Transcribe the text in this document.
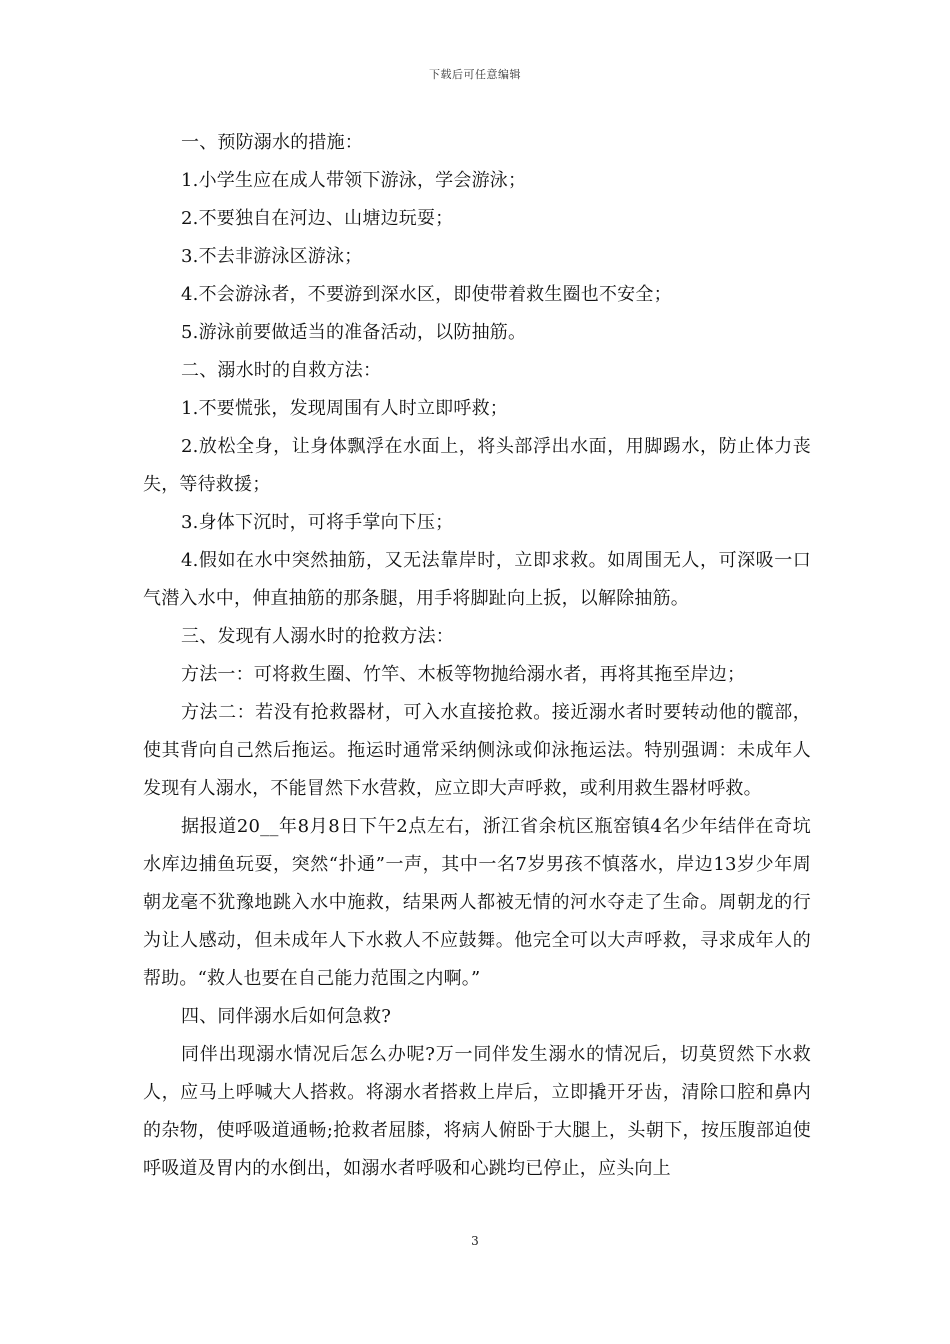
下载后可任意编辑

一、预防溺水的措施：

1.小学生应在成人带领下游泳，学会游泳；

2.不要独自在河边、山塘边玩耍；

3.不去非游泳区游泳；

4.不会游泳者，不要游到深水区，即使带着救生圈也不安全；

5.游泳前要做适当的准备活动，以防抽筋。

二、溺水时的自救方法：

1.不要慌张，发现周围有人时立即呼救；

2.放松全身，让身体飘浮在水面上，将头部浮出水面，用脚踢水，防止体力丧失，等待救援；

3.身体下沉时，可将手掌向下压；

4.假如在水中突然抽筋，又无法靠岸时，立即求救。如周围无人，可深吸一口气潜入水中，伸直抽筋的那条腿，用手将脚趾向上扳，以解除抽筋。

三、发现有人溺水时的抢救方法：

方法一：可将救生圈、竹竿、木板等物抛给溺水者，再将其拖至岸边；

方法二：若没有抢救器材，可入水直接抢救。接近溺水者时要转动他的髋部，使其背向自己然后拖运。拖运时通常采纳侧泳或仰泳拖运法。特别强调：未成年人发现有人溺水，不能冒然下水营救，应立即大声呼救，或利用救生器材呼救。

据报道20__年8月8日下午2点左右，浙江省余杭区瓶窑镇4名少年结伴在奇坑水库边捕鱼玩耍，突然“扑通”一声，其中一名7岁男孩不慎落水，岸边13岁少年周朝龙毫不犹豫地跳入水中施救，结果两人都被无情的河水夺走了生命。周朝龙的行为让人感动，但未成年人下水救人不应鼓舞。他完全可以大声呼救，寻求成年人的帮助。“救人也要在自己能力范围之内啊。”

四、同伴溺水后如何急救?

同伴出现溺水情况后怎么办呢?万一同伴发生溺水的情况后，切莫贸然下水救人，应马上呼喊大人搭救。将溺水者搭救上岸后，立即撬开牙齿，清除口腔和鼻内的杂物，使呼吸道通畅;抢救者屈膝，将病人俯卧于大腿上，头朝下，按压腹部迫使呼吸道及胃内的水倒出，如溺水者呼吸和心跳均已停止，应头向上

3
